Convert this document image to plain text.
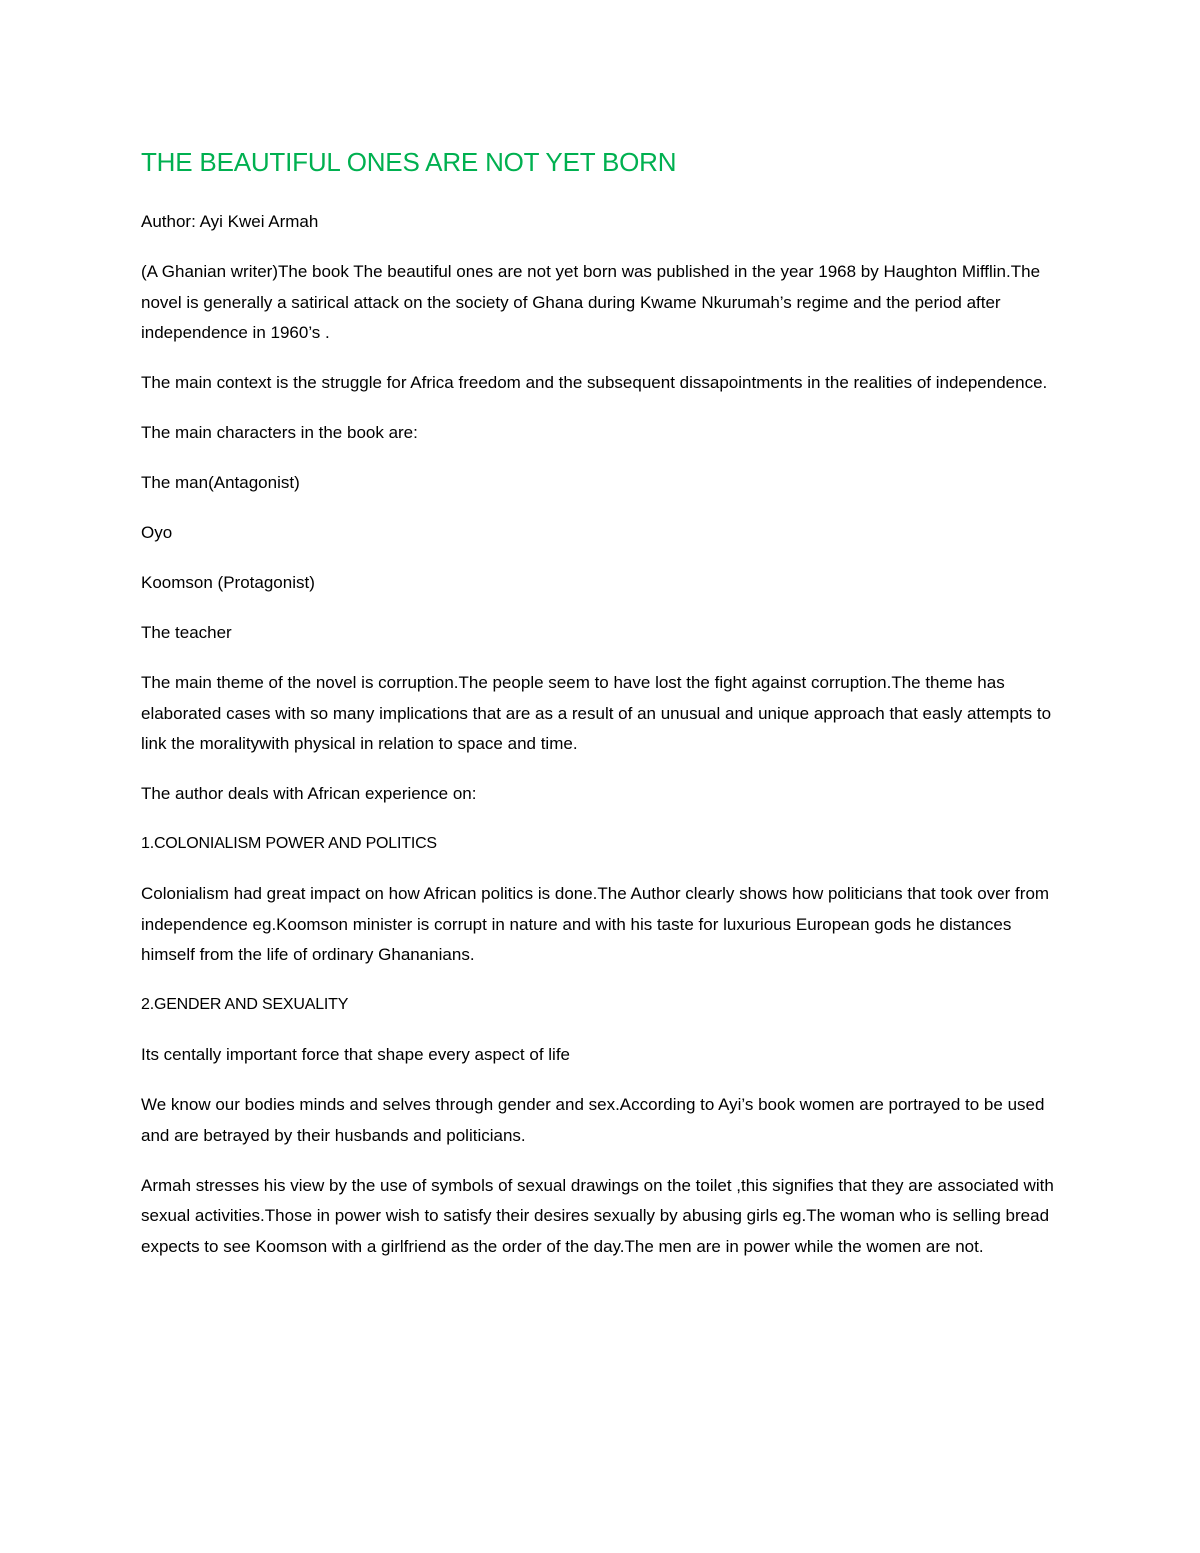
THE BEAUTIFUL ONES ARE NOT YET BORN

Author: Ayi Kwei Armah

(A Ghanian writer)The book The beautiful ones are not yet born was published in the year 1968 by Haughton Mifflin.The novel is generally a satirical attack on the society of Ghana during Kwame Nkurumah’s regime and the period after independence in 1960’s .

The main context is the struggle for Africa freedom and the subsequent dissapointments in the realities of independence.

The main characters in the book are:

The man(Antagonist)

Oyo

Koomson (Protagonist)

The teacher

The main theme of the novel is corruption.The people seem to have lost the fight against corruption.The theme has elaborated cases with so many implications that are as a result of an unusual and unique approach that easly attempts to link the moralitywith physical in relation to space and time.

The author deals with African experience on:

1.COLONIALISM POWER AND POLITICS

Colonialism had great impact on how African politics is done.The Author clearly shows how politicians that took over from independence eg.Koomson minister is corrupt in nature and with his taste for luxurious European gods he distances himself from the life of ordinary Ghananians.

2.GENDER AND SEXUALITY

Its centally important force that shape every aspect of life

We know our bodies minds and selves through gender and sex.According to Ayi’s book women are portrayed to be used and are betrayed by their husbands and politicians.

Armah stresses his view by the use of symbols of sexual drawings on the toilet ,this signifies that they are associated with sexual activities.Those in power wish to satisfy their desires sexually by abusing girls eg.The woman who is selling bread expects to see Koomson with a girlfriend as the order of the day.The men are in power while the women are not.
